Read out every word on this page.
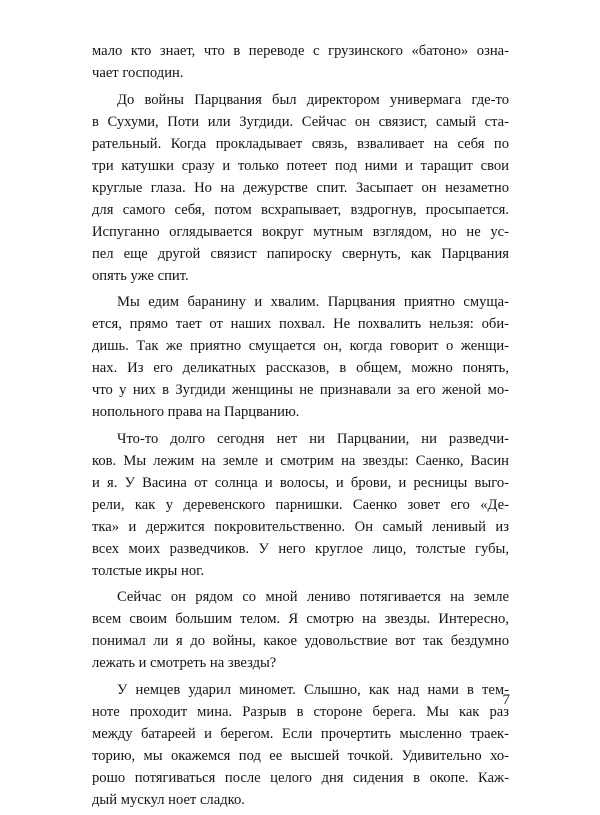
мало кто знает, что в переводе с грузинского «батоно» озна-
чает господин.
До войны Парцвания был директором универмага где-то
в Сухуми, Поти или Зугдиди. Сейчас он связист, самый ста-
рательный. Когда прокладывает связь, взваливает на себя по
три катушки сразу и только потеет под ними и таращит свои
круглые глаза. Но на дежурстве спит. Засыпает он незаметно
для самого себя, потом всхрапывает, вздрогнув, просыпается.
Испуганно оглядывается вокруг мутным взглядом, но не ус-
пел еще другой связист папироску свернуть, как Парцвания
опять уже спит.
Мы едим баранину и хвалим. Парцвания приятно смуща-
ется, прямо тает от наших похвал. Не похвалить нельзя: оби-
дишь. Так же приятно смущается он, когда говорит о женщи-
нах. Из его деликатных рассказов, в общем, можно понять,
что у них в Зугдиди женщины не признавали за его женой мо-
нопольного права на Парцванию.
Что-то долго сегодня нет ни Парцвании, ни разведчи-
ков. Мы лежим на земле и смотрим на звезды: Саенко, Васин
и я. У Васина от солнца и волосы, и брови, и ресницы выго-
рели, как у деревенского парнишки. Саенко зовет его «Де-
тка» и держится покровительственно. Он самый ленивый из
всех моих разведчиков. У него круглое лицо, толстые губы,
толстые икры ног.
Сейчас он рядом со мной лениво потягивается на земле
всем своим большим телом. Я смотрю на звезды. Интересно,
понимал ли я до войны, какое удовольствие вот так бездумно
лежать и смотреть на звезды?
У немцев ударил миномет. Слышно, как над нами в тем-
ноте проходит мина. Разрыв в стороне берега. Мы как раз
между батареей и берегом. Если прочертить мысленно траек-
торию, мы окажемся под ее высшей точкой. Удивительно хо-
рошо потягиваться после целого дня сидения в окопе. Каж-
дый мускул ноет сладко.
7
